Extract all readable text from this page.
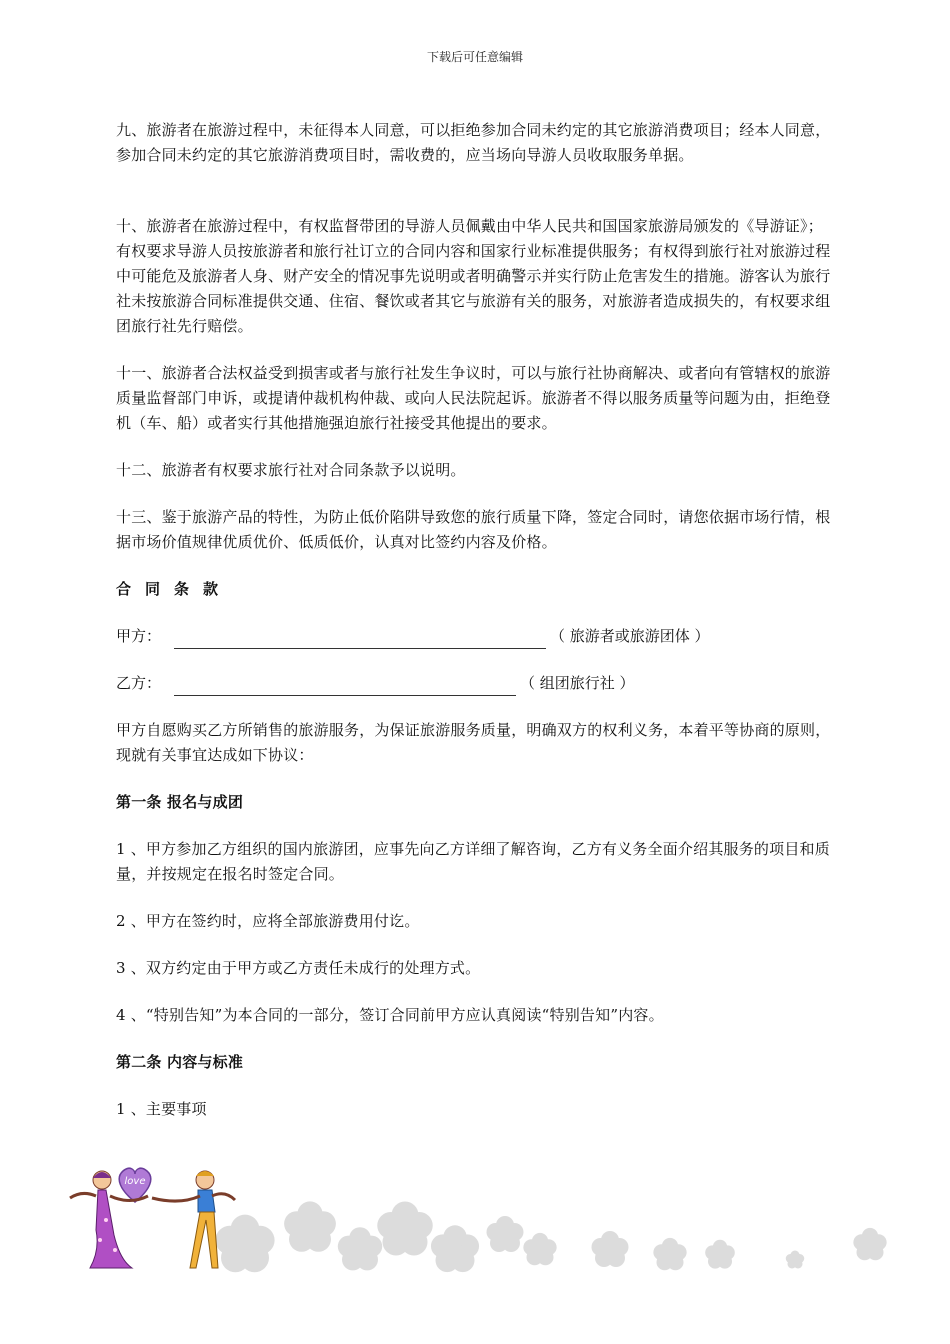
下载后可任意编辑

九、旅游者在旅游过程中，未征得本人同意，可以拒绝参加合同未约定的其它旅游消费项目；经本人同意，参加合同未约定的其它旅游消费项目时，需收费的，应当场向导游人员收取服务单据。

十、旅游者在旅游过程中，有权监督带团的导游人员佩戴由中华人民共和国国家旅游局颁发的《导游证》；有权要求导游人员按旅游者和旅行社订立的合同内容和国家行业标准提供服务；有权得到旅行社对旅游过程中可能危及旅游者人身、财产安全的情况事先说明或者明确警示并实行防止危害发生的措施。游客认为旅行社未按旅游合同标准提供交通、住宿、餐饮或者其它与旅游有关的服务，对旅游者造成损失的，有权要求组团旅行社先行赔偿。

十一、旅游者合法权益受到损害或者与旅行社发生争议时，可以与旅行社协商解决、或者向有管辖权的旅游质量监督部门申诉，或提请仲裁机构仲裁、或向人民法院起诉。旅游者不得以服务质量等问题为由，拒绝登机（车、船）或者实行其他措施强迫旅行社接受其他提出的要求。

十二、旅游者有权要求旅行社对合同条款予以说明。

十三、鉴于旅游产品的特性，为防止低价陷阱导致您的旅行质量下降，签定合同时，请您依据市场行情，根据市场价值规律优质优价、低质低价，认真对比签约内容及价格。

合同条款

甲方：	（ 旅游者或旅游团体 ）
乙方：	（ 组团旅行社 ）

甲方自愿购买乙方所销售的旅游服务，为保证旅游服务质量，明确双方的权利义务，本着平等协商的原则，现就有关事宜达成如下协议：

第一条 报名与成团

1 、甲方参加乙方组织的国内旅游团，应事先向乙方详细了解咨询，乙方有义务全面介绍其服务的项目和质量，并按规定在报名时签定合同。

2 、甲方在签约时，应将全部旅游费用付讫。

3 、双方约定由于甲方或乙方责任未成行的处理方式。

4 、“特别告知”为本合同的一部分，签订合同前甲方应认真阅读“特别告知”内容。

第二条 内容与标准

1 、主要事项

love
